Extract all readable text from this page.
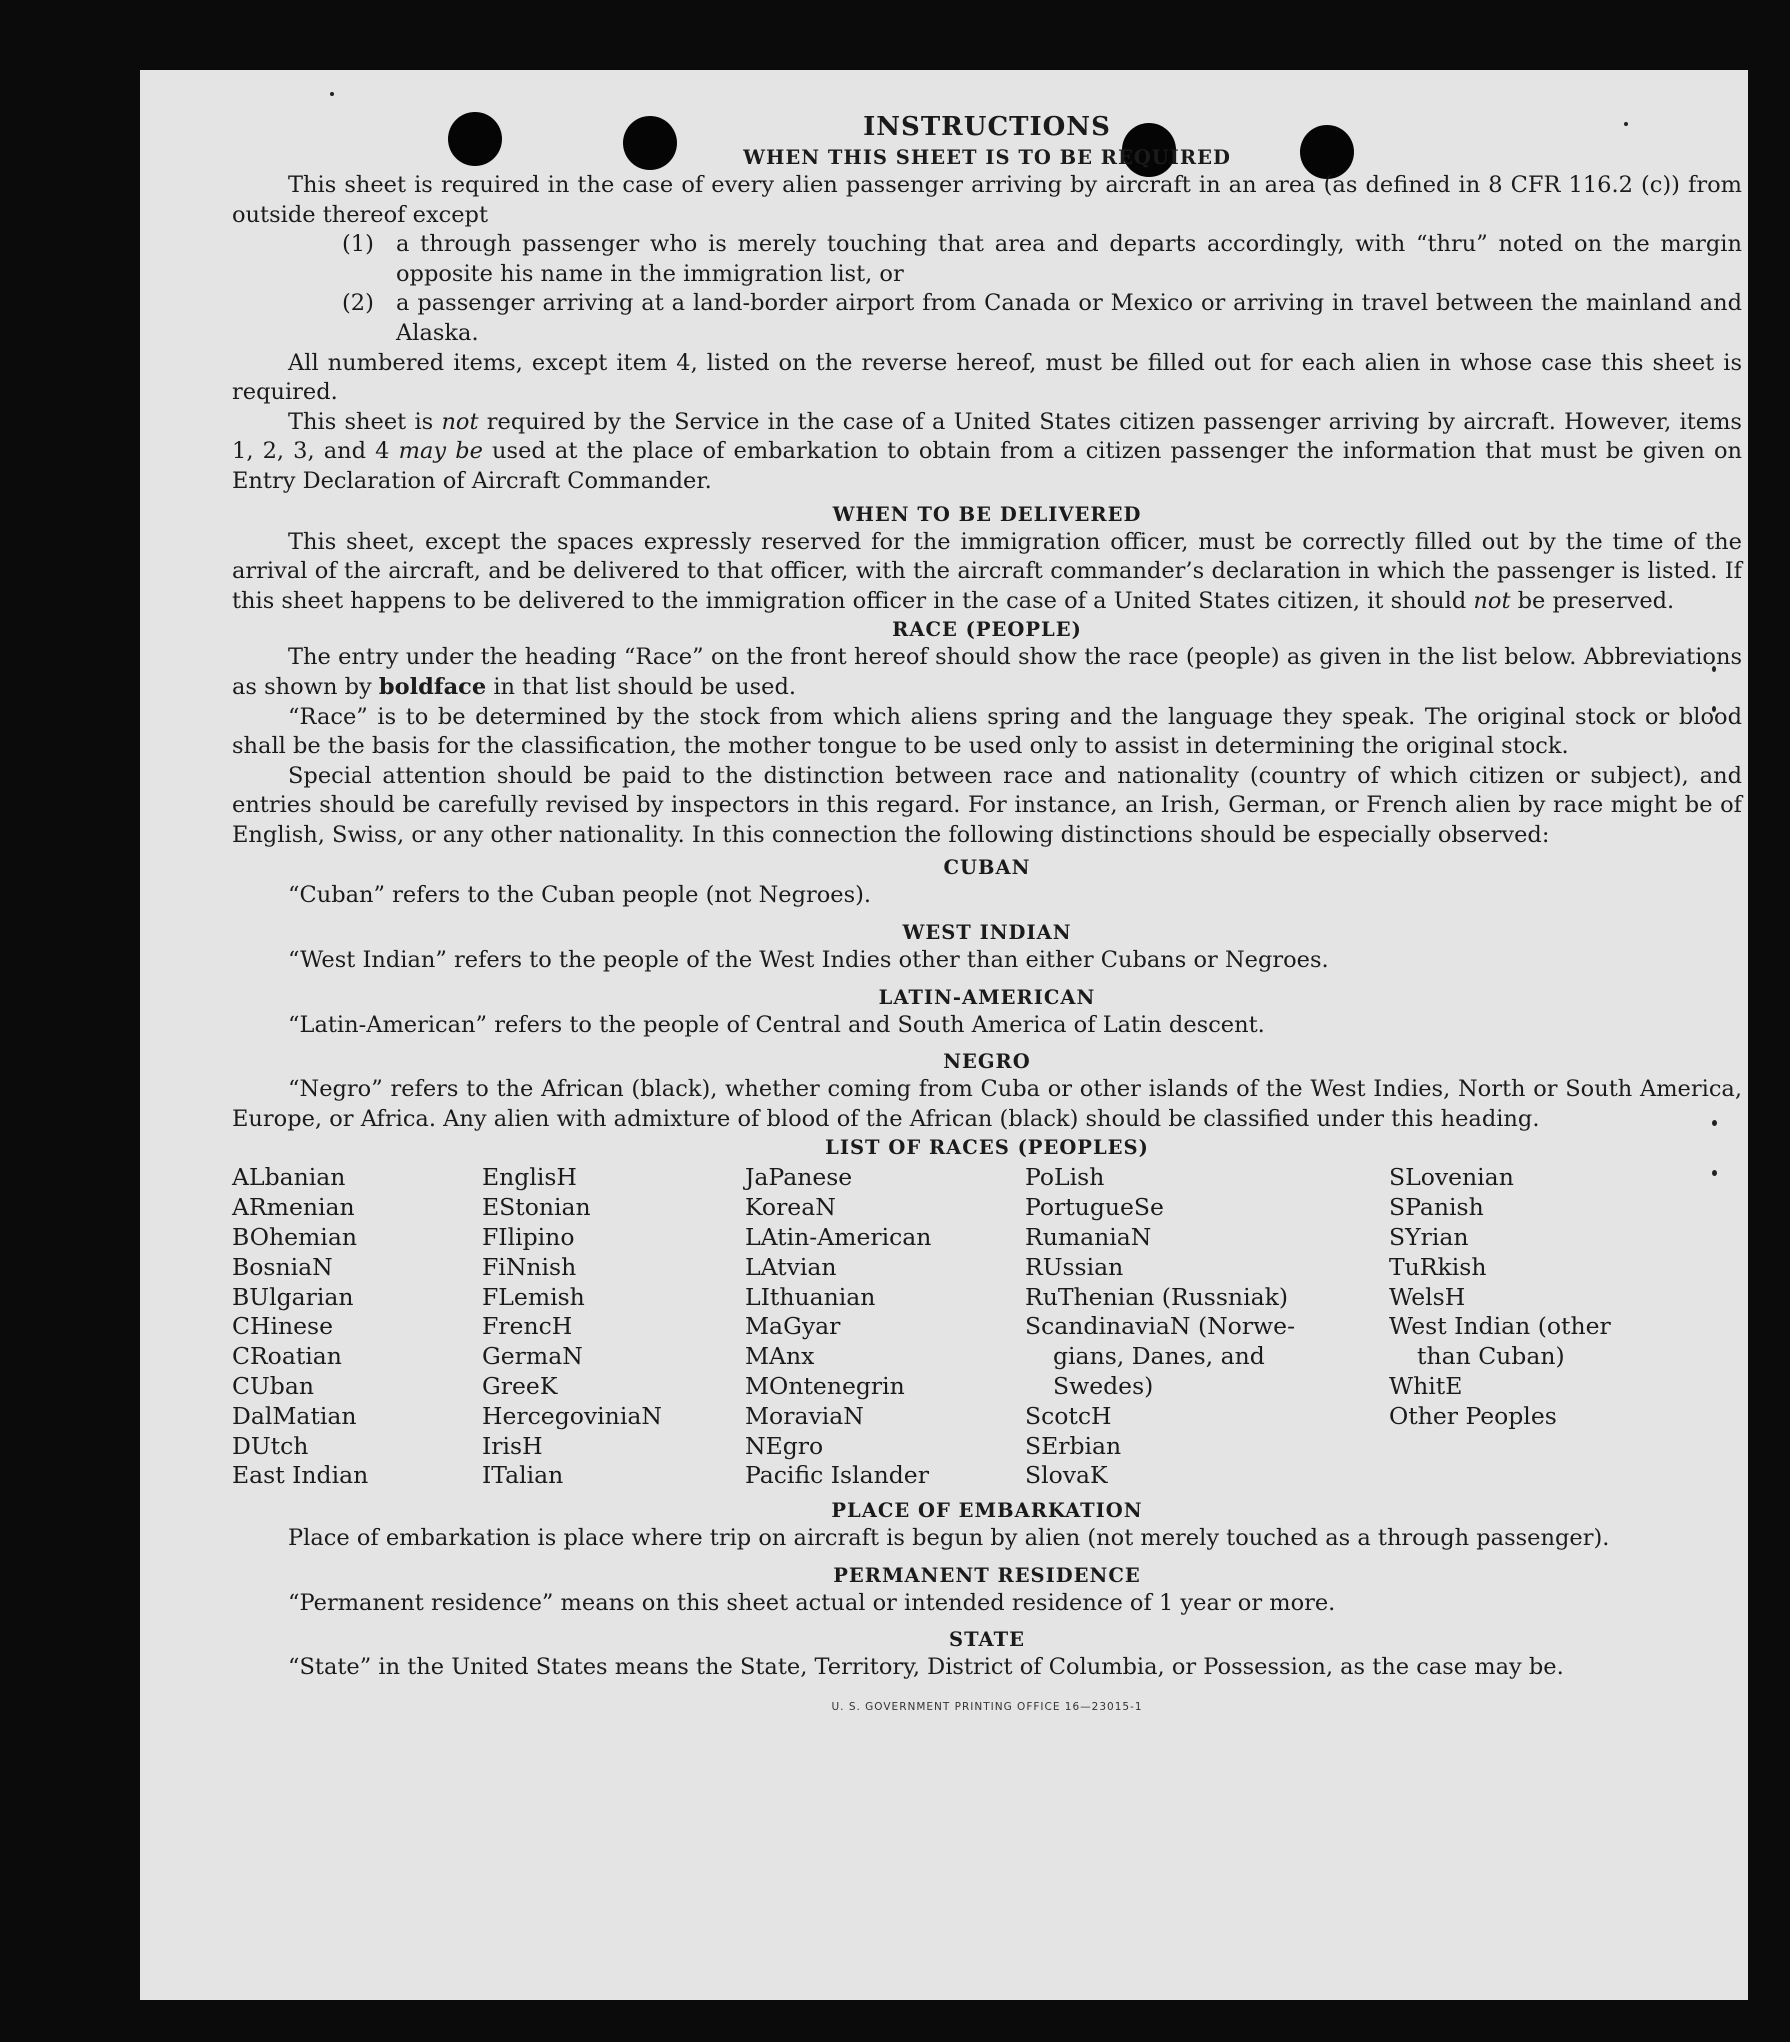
INSTRUCTIONS
WHEN THIS SHEET IS TO BE REQUIRED

This sheet is required in the case of every alien passenger arriving by aircraft in an area (as defined in 8 CFR 116.2 (c)) from outside thereof except

(1) a through passenger who is merely touching that area and departs accordingly, with “thru” noted on the margin opposite his name in the immigration list, or
(2) a passenger arriving at a land-border airport from Canada or Mexico or arriving in travel between the mainland and Alaska.

All numbered items, except item 4, listed on the reverse hereof, must be filled out for each alien in whose case this sheet is required.

This sheet is not required by the Service in the case of a United States citizen passenger arriving by aircraft. However, items 1, 2, 3, and 4 may be used at the place of embarkation to obtain from a citizen passenger the information that must be given on Entry Declaration of Aircraft Commander.

WHEN TO BE DELIVERED

This sheet, except the spaces expressly reserved for the immigration officer, must be correctly filled out by the time of the arrival of the aircraft, and be delivered to that officer, with the aircraft commander’s declaration in which the passenger is listed. If this sheet happens to be delivered to the immigration officer in the case of a United States citizen, it should not be preserved.

RACE (PEOPLE)

The entry under the heading “Race” on the front hereof should show the race (people) as given in the list below. Abbreviations as shown by boldface in that list should be used.

“Race” is to be determined by the stock from which aliens spring and the language they speak. The original stock or blood shall be the basis for the classification, the mother tongue to be used only to assist in determining the original stock.

Special attention should be paid to the distinction between race and nationality (country of which citizen or subject), and entries should be carefully revised by inspectors in this regard. For instance, an Irish, German, or French alien by race might be of English, Swiss, or any other nationality. In this connection the following distinctions should be especially observed:

CUBAN

“Cuban” refers to the Cuban people (not Negroes).

WEST INDIAN

“West Indian” refers to the people of the West Indies other than either Cubans or Negroes.

LATIN-AMERICAN

“Latin-American” refers to the people of Central and South America of Latin descent.

NEGRO

“Negro” refers to the African (black), whether coming from Cuba or other islands of the West Indies, North or South America, Europe, or Africa. Any alien with admixture of blood of the African (black) should be classified under this heading.

LIST OF RACES (PEOPLES)
ALbanian
ARmenian
BOhemian
BosniaN
BUlgarian
CHinese
CRoatian
CUban
DalMatian
DUtch
East Indian
EnglisH
EStonian
FIlipino
FiNnish
FLemish
FrencH
GermaN
GreeK
HercegoviniaN
IrisH
ITalian
JaPanese
KoreaN
LAtin-American
LAtvian
LIthuanian
MaGyar
MAnx
MOntenegrin
MoraviaN
NEgro
Pacific Islander
PoLish
PortugueSe
RumaniaN
RUssian
RuThenian (Russniak)
ScandinaviaN (Norwe-
gians, Danes, and
Swedes)
ScotcH
SErbian
SlovaK
SLovenian
SPanish
SYrian
TuRkish
WelsH
West Indian (other
than Cuban)
WhitE
Other Peoples
PLACE OF EMBARKATION

Place of embarkation is place where trip on aircraft is begun by alien (not merely touched as a through passenger).

PERMANENT RESIDENCE

“Permanent residence” means on this sheet actual or intended residence of 1 year or more.

STATE

“State” in the United States means the State, Territory, District of Columbia, or Possession, as the case may be.

U. S. GOVERNMENT PRINTING OFFICE 16—23015-1
